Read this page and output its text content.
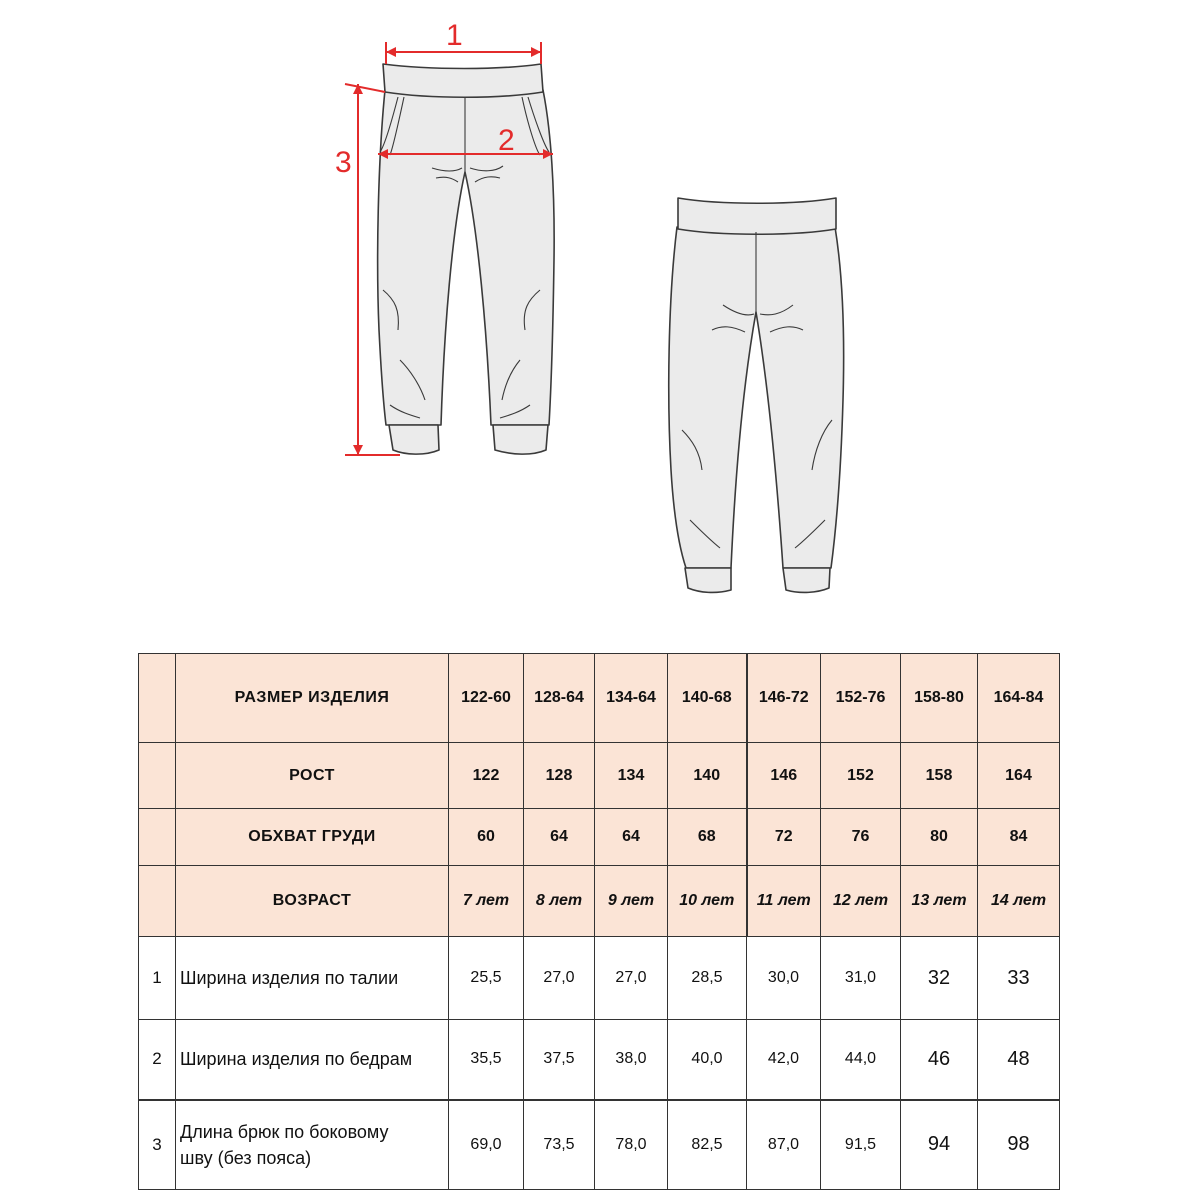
1
2
3
	РАЗМЕР ИЗДЕЛИЯ	122-60	128-64	134-64	140-68	146-72	152-76	158-80	164-84
	РОСТ	122	128	134	140	146	152	158	164
	ОБХВАТ ГРУДИ	60	64	64	68	72	76	80	84
	ВОЗРАСТ	7 лет	8 лет	9 лет	10 лет	11 лет	12 лет	13 лет	14 лет
1	Ширина изделия по талии	25,5	27,0	27,0	28,5	30,0	31,0	32	33
2	Ширина изделия по бедрам	35,5	37,5	38,0	40,0	42,0	44,0	46	48
3	Длина брюк по боковому
шву (без пояса)	69,0	73,5	78,0	82,5	87,0	91,5	94	98
